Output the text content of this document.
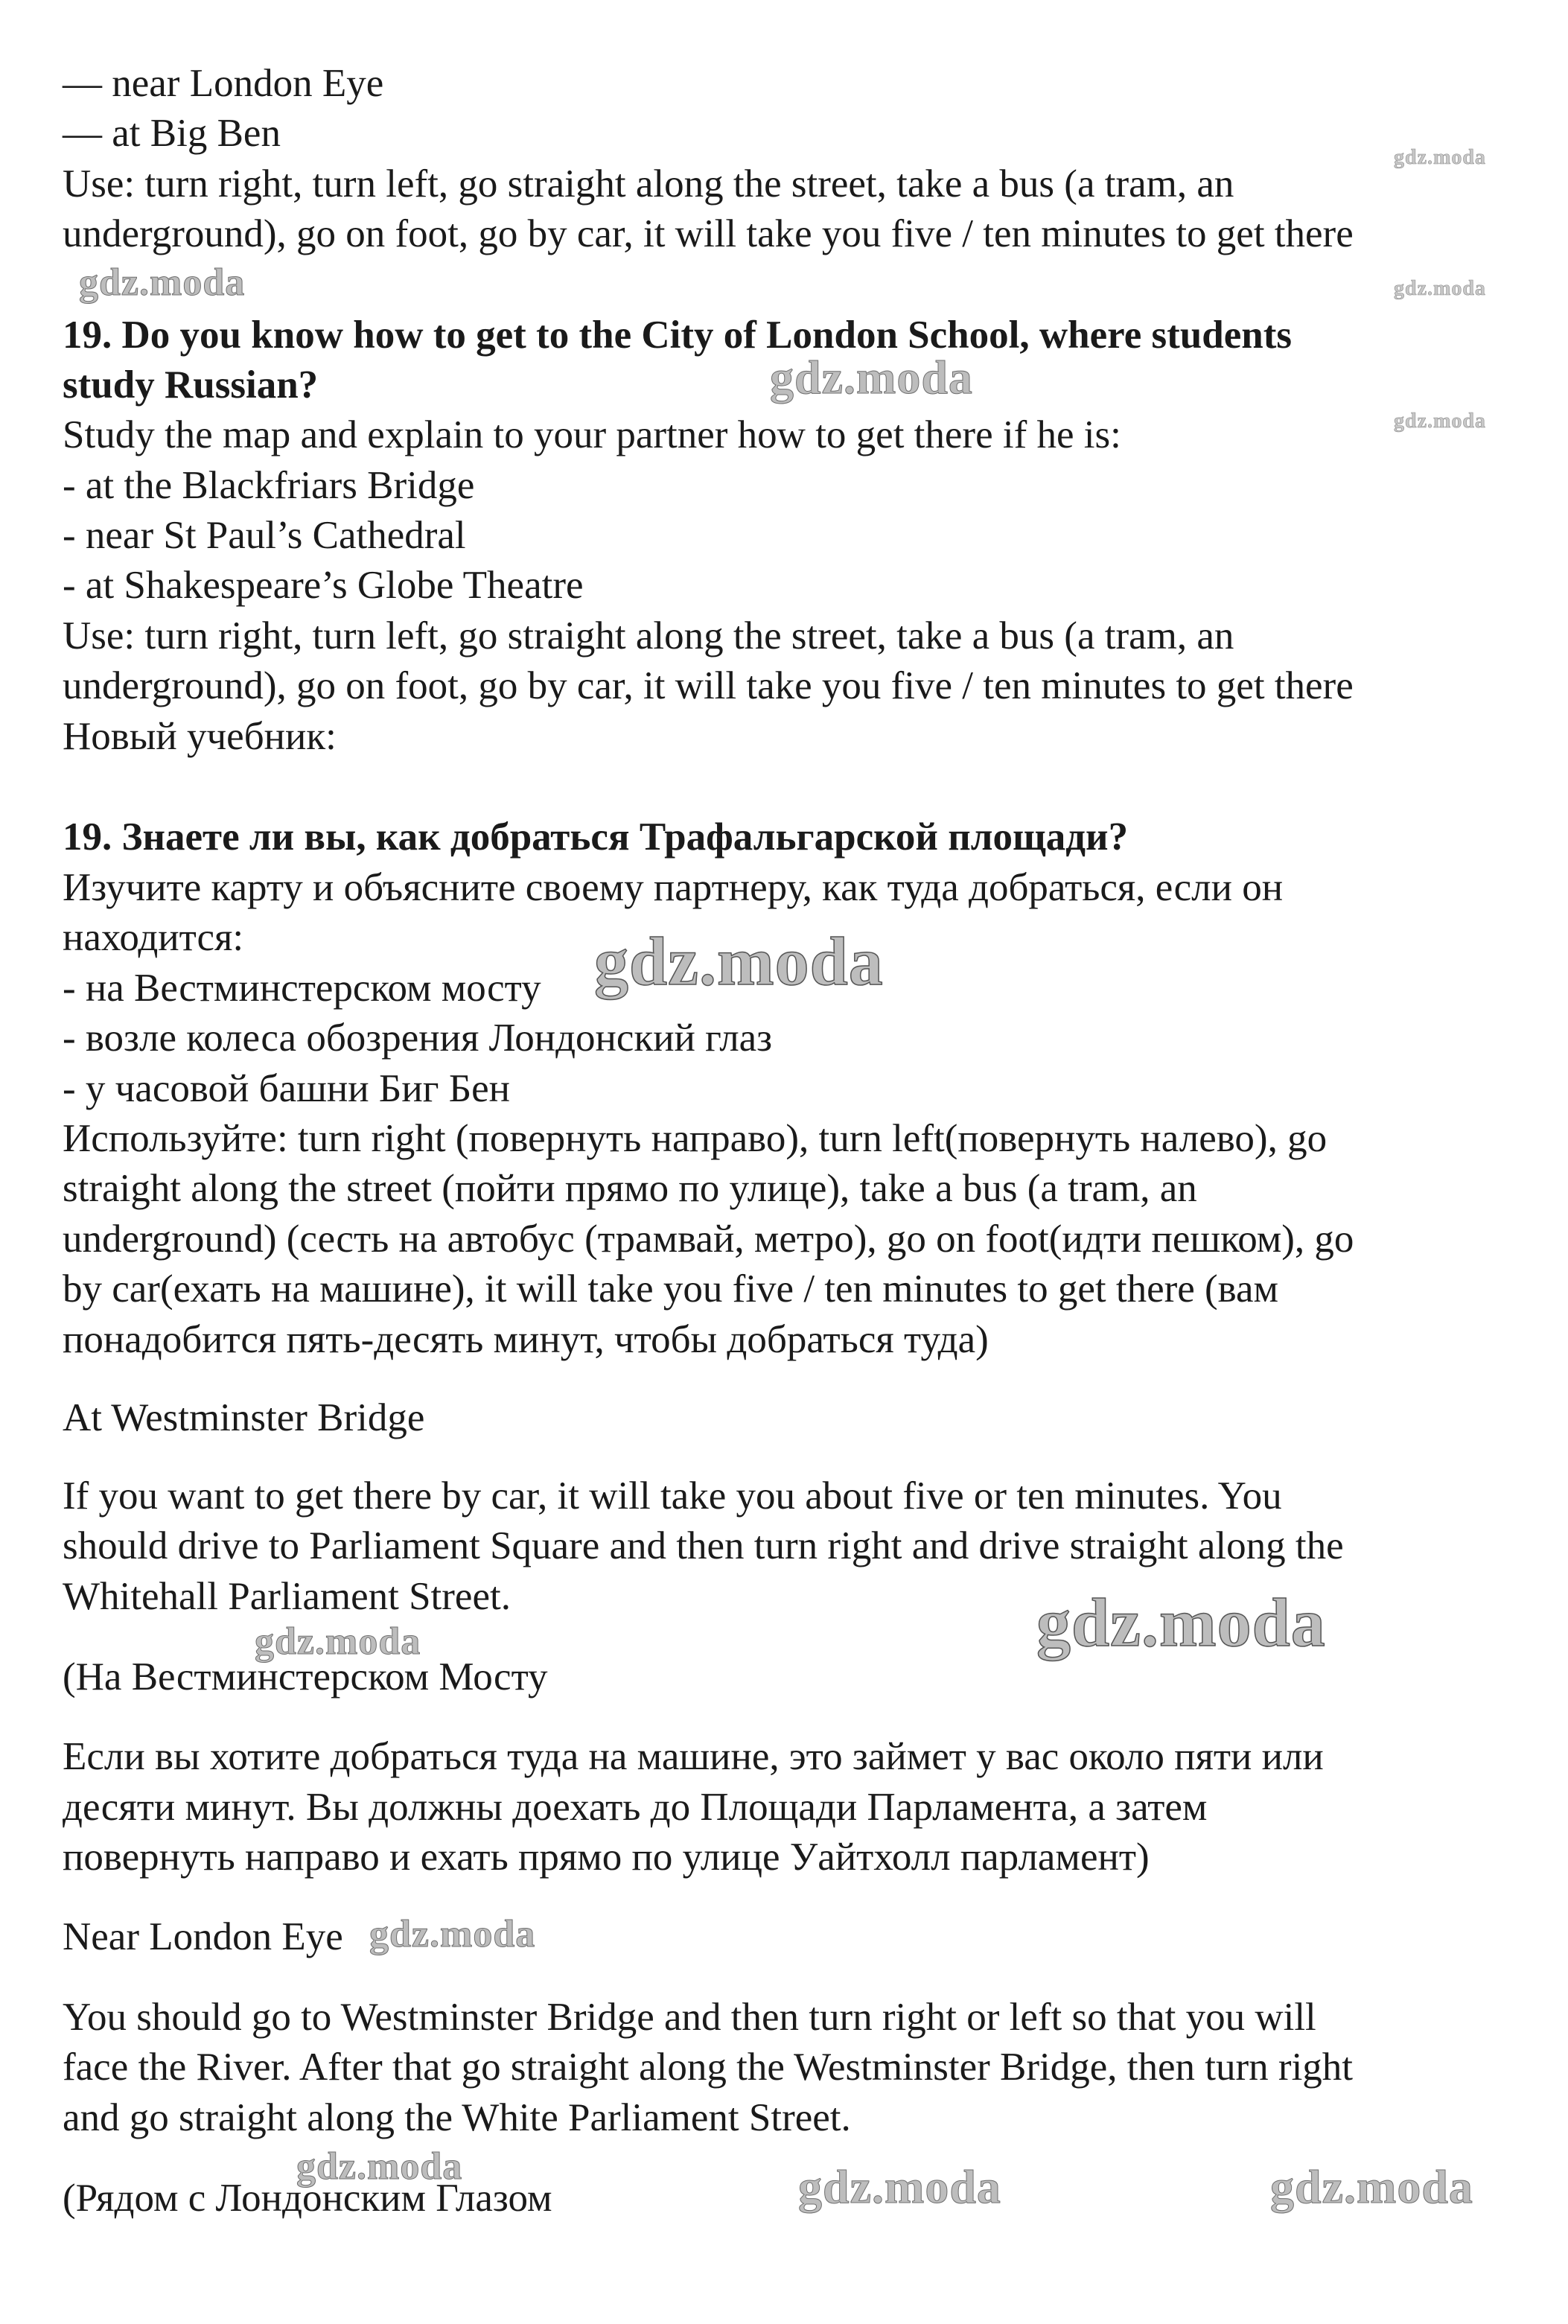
— near London Eye
— at Big Ben
Use: turn right, turn left, go straight along the street, take a bus (a tram, an
underground), go on foot, go by car, it will take you five / ten minutes to get there
19. Do you know how to get to the City of London School, where students
study Russian?
Study the map and explain to your partner how to get there if he is:
- at the Blackfriars Bridge
- near St Paul’s Cathedral
- at Shakespeare’s Globe Theatre
Use: turn right, turn left, go straight along the street, take a bus (a tram, an
underground), go on foot, go by car, it will take you five / ten minutes to get there
Новый учебник:
19. Знаете ли вы, как добраться Трафальгарской площади?
Изучите карту и объясните своему партнеру, как туда добраться, если он
находится:
- на Вестминстерском мосту
- возле колеса обозрения Лондонский глаз
- у часовой башни Биг Бен
Используйте: turn right (повернуть направо), turn left(повернуть налево), go
straight along the street (пойти прямо по улице), take a bus (a tram, an
underground) (сесть на автобус (трамвай, метро), go on foot(идти пешком), go
by car(ехать на машине), it will take you five / ten minutes to get there (вам
понадобится пять-десять минут, чтобы добраться туда)
At Westminster Bridge
If you want to get there by car, it will take you about five or ten minutes. You
should drive to Parliament Square and then turn right and drive straight along the
Whitehall Parliament Street.
(На Вестминстерском Мосту
Если вы хотите добраться туда на машине, это займет у вас около пяти или
десяти минут. Вы должны доехать до Площади Парламента, а затем
повернуть направо и ехать прямо по улице Уайтхолл парламент)
Near London Eye
You should go to Westminster Bridge and then turn right or left so that you will
face the River. After that go straight along the Westminster Bridge, then turn right
and go straight along the White Parliament Street.
(Рядом с Лондонским Глазом
gdz.moda
gdz.moda	gdz.moda
gdz.moda
gdz.moda
gdz.moda
gdz.moda
gdz.moda
gdz.moda
gdz.moda	gdz.moda	gdz.moda
